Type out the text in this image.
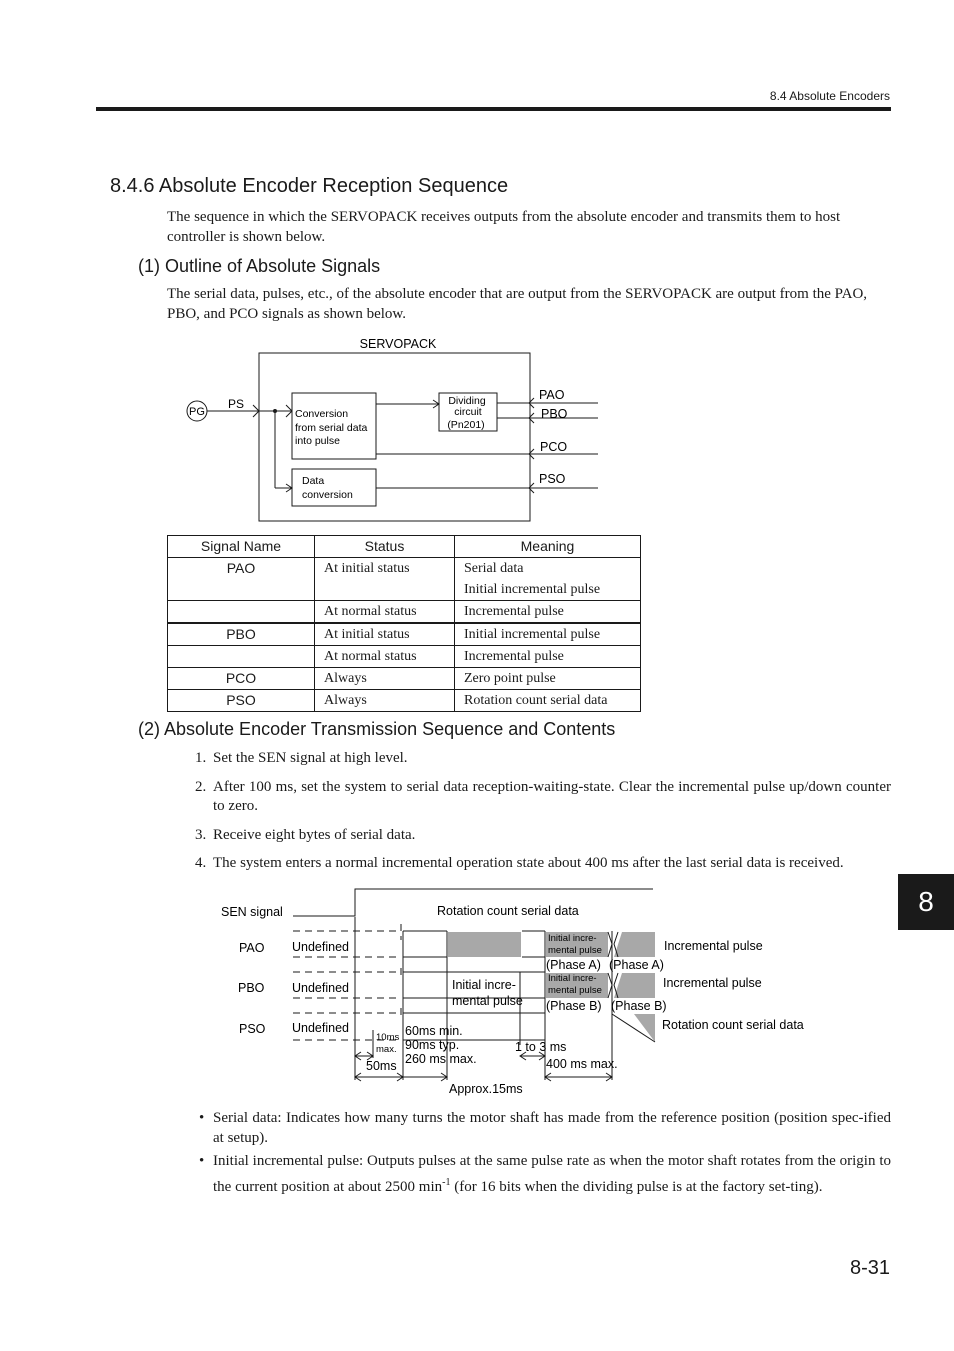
8.4 Absolute Encoders
8.4.6 Absolute Encoder Reception Sequence
The sequence in which the SERVOPACK receives outputs from the absolute encoder and transmits them to host controller is shown below.
(1) Outline of Absolute Signals
The serial data, pulses, etc., of the absolute encoder that are output from the SERVOPACK are output from the PAO, PBO, and PCO signals as shown below.
SERVOPACK
PG
PS
Conversion
from serial data
into pulse
Dividing
circuit
(Pn201)
Data
conversion
PAO
PBO
PCO
PSO
Signal Name	Status	Meaning
PAO	At initial status	Serial data
Initial incremental pulse

	At normal status	Incremental pulse
PBO	At initial status	Initial incremental pulse
	At normal status	Incremental pulse
PCO	Always	Zero point pulse
PSO	Always	Rotation count serial data
(2) Absolute Encoder Transmission Sequence and Contents
1. Set the SEN signal at high level.
2. After 100 ms, set the system to serial data reception-waiting-state. Clear the incremental pulse up/down counter to zero.
3. Receive eight bytes of serial data.
4. The system enters a normal incremental operation state about 400 ms after the last serial data is received.
SEN signal	Rotation count serial data
PAO
PBO
PSO
Undefined
Undefined
Undefined
Initial incre-
mental pulse
Initial incre-
mental pulse
(Phase A) (Phase A)
(Phase B) (Phase B)
Incremental pulse
Incremental pulse
Initial incre-
mental pulse
Rotation count serial data
10ms
max.
50ms
60ms min.
90ms typ.
260 ms max.
1 to 3 ms
400 ms max.
Approx.15ms
• Serial data: Indicates how many turns the motor shaft has made from the reference position (position spec-ified at setup).
• Initial incremental pulse: Outputs pulses at the same pulse rate as when the motor shaft rotates from the origin to the current position at about 2500 $\min^{-1} (for$ 16 bits when the dividing pulse is at the factory set-ting).
8
8-31
